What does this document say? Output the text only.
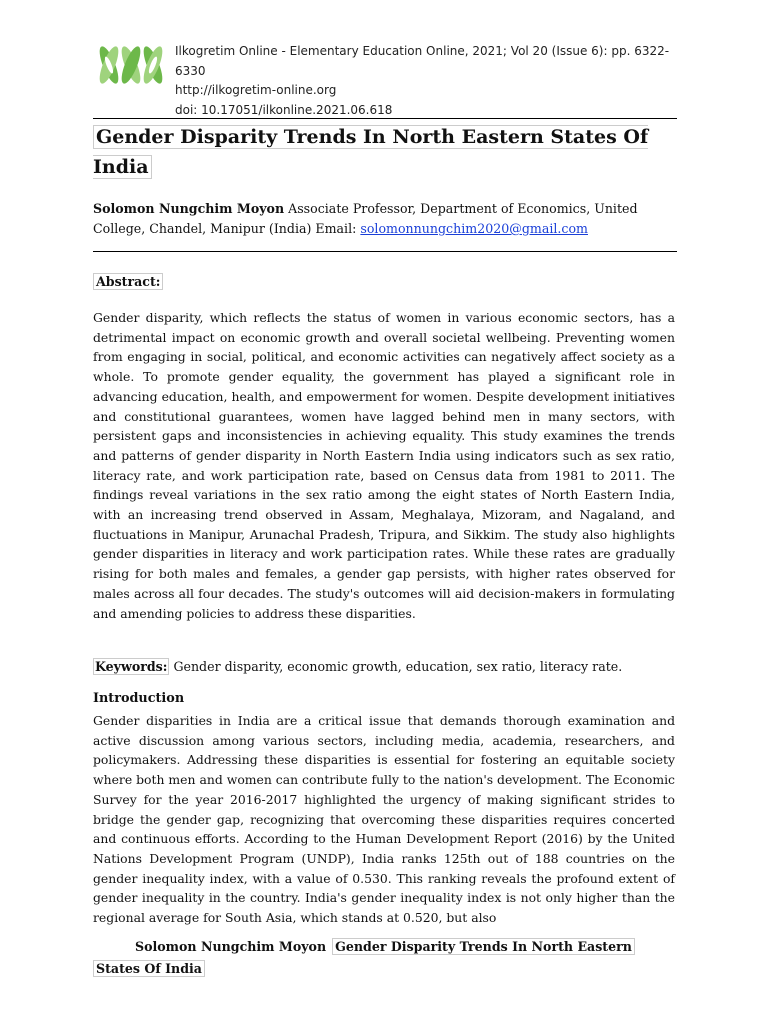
Ilkogretim Online - Elementary Education Online, 2021; Vol 20 (Issue 6): pp. 6322-6330
http://ilkogretim-online.org
doi: 10.17051/ilkonline.2021.06.618
Gender Disparity Trends In North Eastern States Of India
Solomon Nungchim Moyon Associate Professor, Department of Economics, United College, Chandel, Manipur (India) Email: solomonnungchim2020@gmail.com
Abstract:

Gender disparity, which reflects the status of women in various economic sectors, has a detrimental impact on economic growth and overall societal wellbeing. Preventing women from engaging in social, political, and economic activities can negatively affect society as a whole. To promote gender equality, the government has played a significant role in advancing education, health, and empowerment for women. Despite development initiatives and constitutional guarantees, women have lagged behind men in many sectors, with persistent gaps and inconsistencies in achieving equality. This study examines the trends and patterns of gender disparity in North Eastern India using indicators such as sex ratio, literacy rate, and work participation rate, based on Census data from 1981 to 2011. The findings reveal variations in the sex ratio among the eight states of North Eastern India, with an increasing trend observed in Assam, Meghalaya, Mizoram, and Nagaland, and fluctuations in Manipur, Arunachal Pradesh, Tripura, and Sikkim. The study also highlights gender disparities in literacy and work participation rates. While these rates are gradually rising for both males and females, a gender gap persists, with higher rates observed for males across all four decades. The study's outcomes will aid decision-makers in formulating and amending policies to address these disparities.

Keywords: Gender disparity, economic growth, education, sex ratio, literacy rate.
Introduction

Gender disparities in India are a critical issue that demands thorough examination and active discussion among various sectors, including media, academia, researchers, and policymakers. Addressing these disparities is essential for fostering an equitable society where both men and women can contribute fully to the nation's development. The Economic Survey for the year 2016-2017 highlighted the urgency of making significant strides to bridge the gender gap, recognizing that overcoming these disparities requires concerted and continuous efforts. According to the Human Development Report (2016) by the United Nations Development Program (UNDP), India ranks 125th out of 188 countries on the gender inequality index, with a value of 0.530. This ranking reveals the profound extent of gender inequality in the country. India's gender inequality index is not only higher than the regional average for South Asia, which stands at 0.520, but also

Solomon Nungchim Moyon Gender Disparity Trends In North Eastern
States Of India
